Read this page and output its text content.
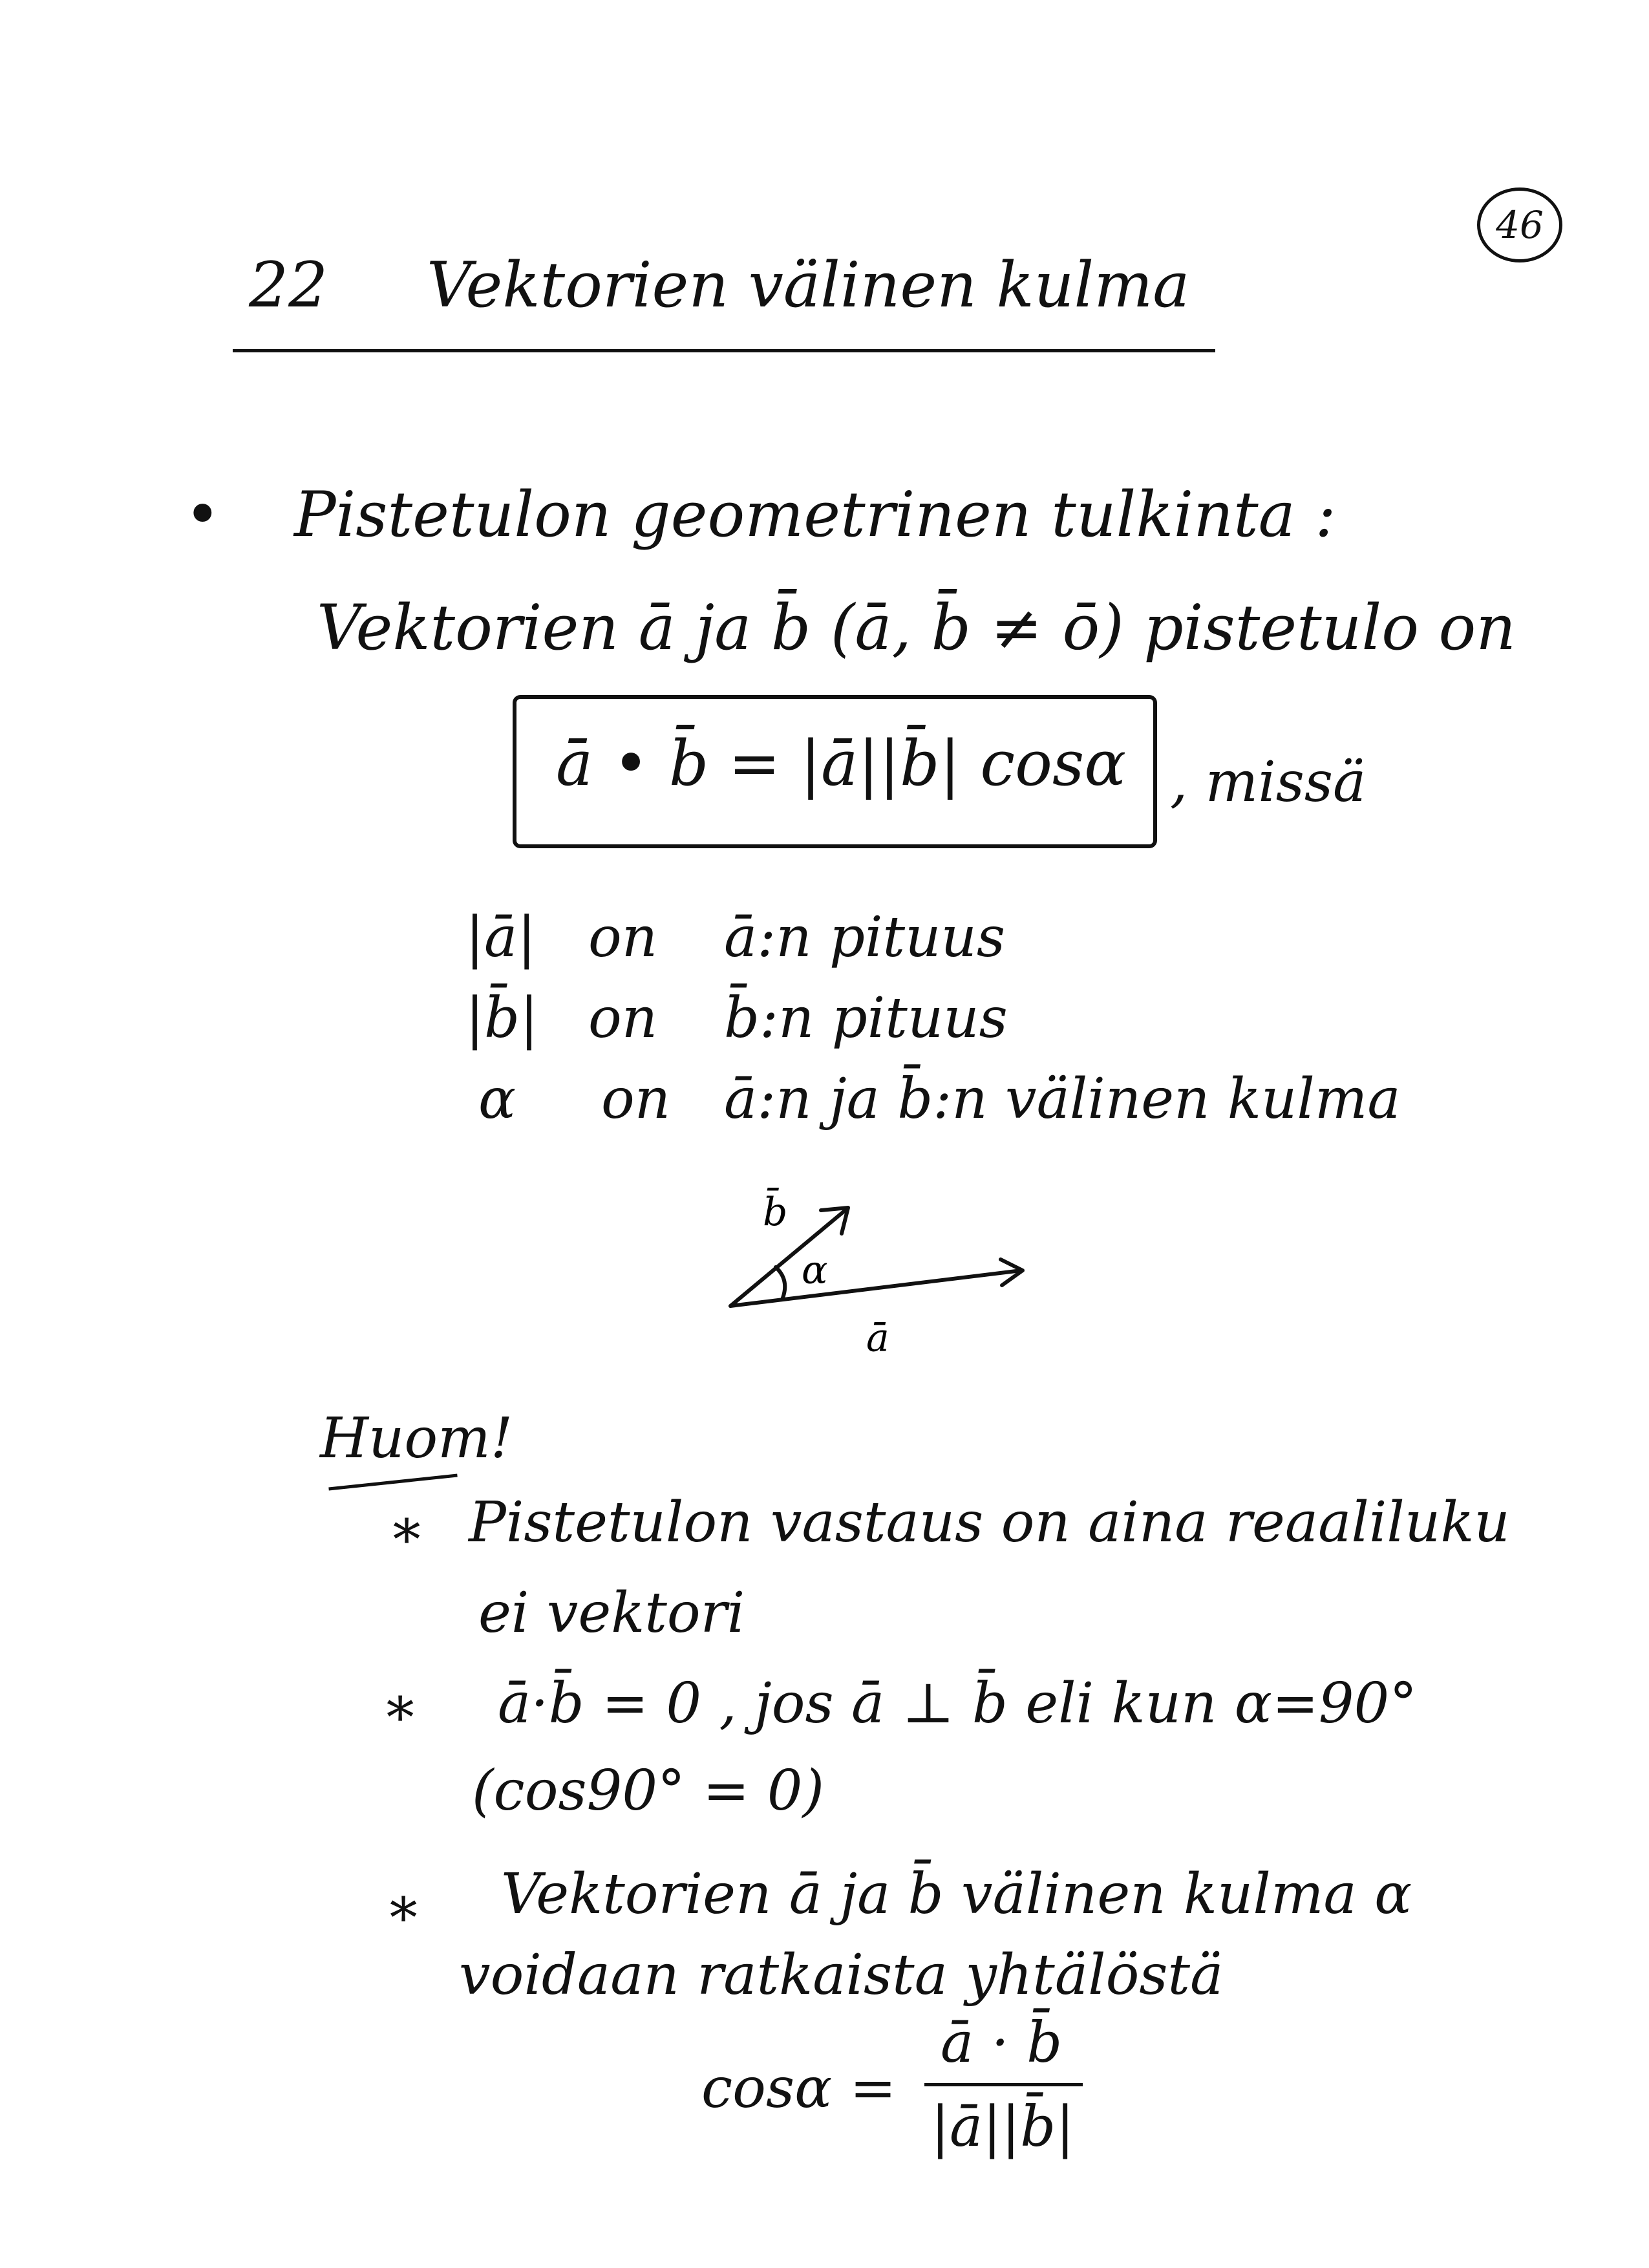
46
22 Vektorien välinen kulma
• Pistetulon geometrinen tulkinta :
Vektorien ā ja b̄ (ā, b̄ ≠ ō) pistetulo on
ā • b̄ = |ā||b̄| cosα , missä
|ā| on ā:n pituus
|b̄| on b̄:n pituus
α on ā:n ja b̄:n välinen kulma
b̄
α
ā
Huom!
∗ Pistetulon vastaus on aina reaaliluku
ei vektori
∗ ā·b̄ = 0 , jos ā ⊥ b̄ eli kun α=90°
(cos90° = 0)
∗ Vektorien ā ja b̄ välinen kulma α
voidaan ratkaista yhtälöstä
cosα =
ā · b̄
|ā||b̄|
